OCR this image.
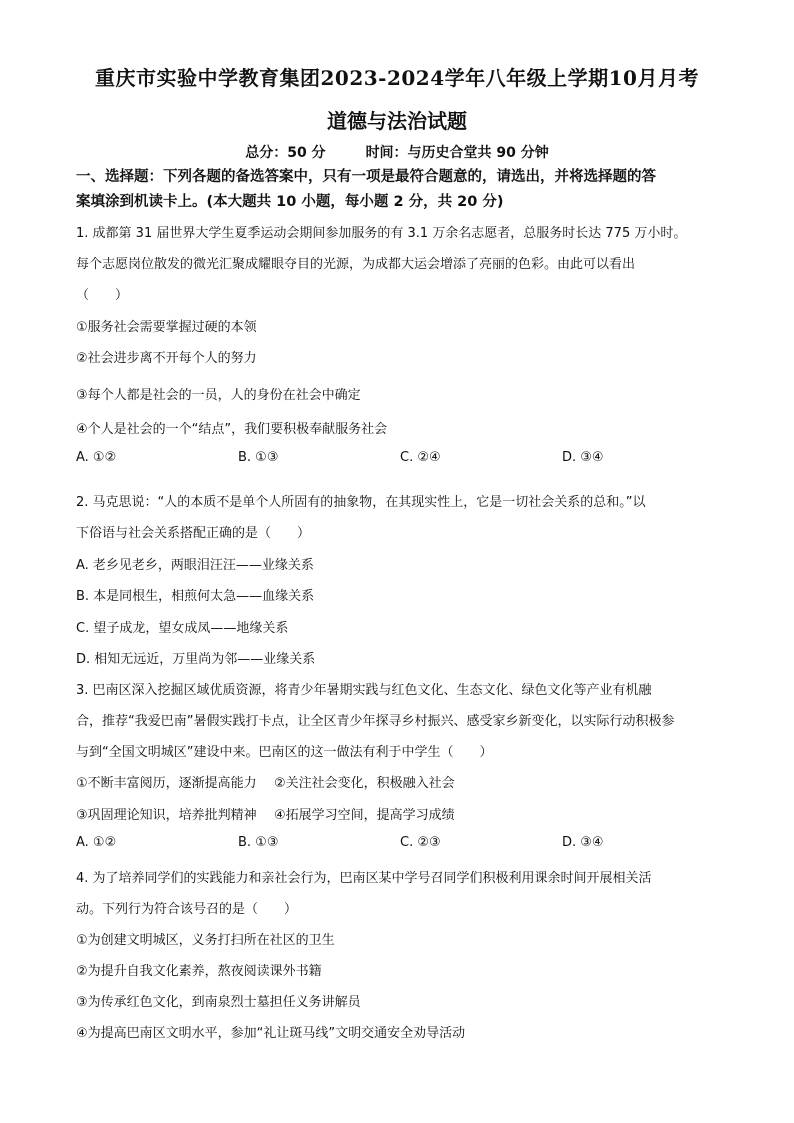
重庆市实验中学教育集团2023-2024学年八年级上学期10月月考
道德与法治试题
总分：50 分	时间：与历史合堂共 90 分钟
一、选择题：下列各题的备选答案中，只有一项是最符合题意的，请选出，并将选择题的答
案填涂到机读卡上。(本大题共 10 小题，每小题 2 分，共 20 分)
1. 成都第 31 届世界大学生夏季运动会期间参加服务的有 3.1 万余名志愿者，总服务时长达 775 万小时。
每个志愿岗位散发的微光汇聚成耀眼夺目的光源，为成都大运会增添了亮丽的色彩。由此可以看出
（　　）
①服务社会需要掌握过硬的本领
②社会进步离不开每个人的努力
③每个人都是社会的一员，人的身份在社会中确定
④个人是社会的一个“结点”，我们要积极奉献服务社会
A. ①②	B. ①③	C. ②④	D. ③④
2. 马克思说：“人的本质不是单个人所固有的抽象物，在其现实性上，它是一切社会关系的总和。”以
下俗语与社会关系搭配正确的是（　　）
A. 老乡见老乡，两眼泪汪汪——业缘关系
B. 本是同根生，相煎何太急——血缘关系
C. 望子成龙，望女成凤——地缘关系
D. 相知无远近，万里尚为邻——业缘关系
3. 巴南区深入挖掘区域优质资源，将青少年暑期实践与红色文化、生态文化、绿色文化等产业有机融
合，推荐“我爱巴南”暑假实践打卡点，让全区青少年探寻乡村振兴、感受家乡新变化，以实际行动积极参
与到“全国文明城区”建设中来。巴南区的这一做法有利于中学生（　　）
①不断丰富阅历，逐渐提高能力 ②关注社会变化，积极融入社会
③巩固理论知识，培养批判精神 ④拓展学习空间，提高学习成绩
A. ①②	B. ①③	C. ②③	D. ③④
4. 为了培养同学们的实践能力和亲社会行为，巴南区某中学号召同学们积极利用课余时间开展相关活
动。下列行为符合该号召的是（　　）
①为创建文明城区，义务打扫所在社区的卫生
②为提升自我文化素养，熬夜阅读课外书籍
③为传承红色文化，到南泉烈士墓担任义务讲解员
④为提高巴南区文明水平，参加“礼让斑马线”文明交通安全劝导活动
